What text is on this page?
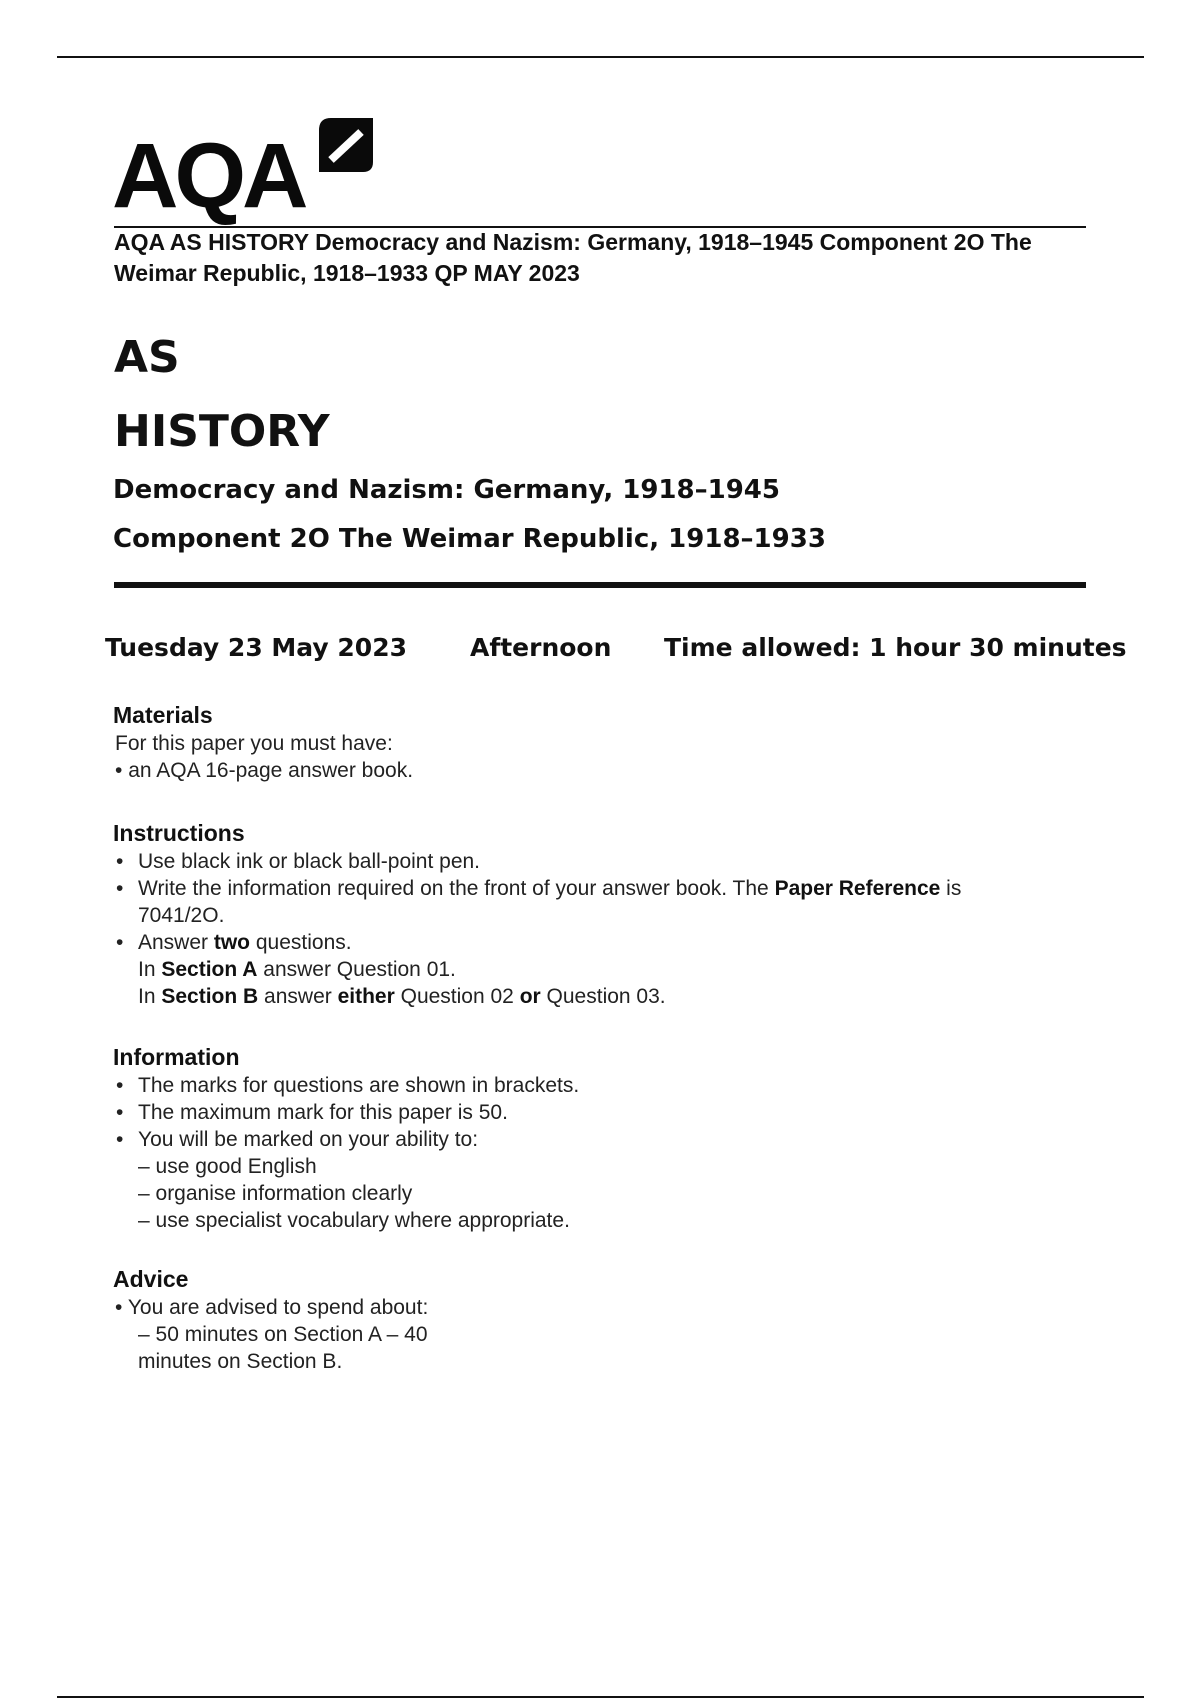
AQA
AQA AS HISTORY Democracy and Nazism: Germany, 1918–1945 Component 2O The Weimar Republic, 1918–1933 QP MAY 2023
AS
HISTORY
Democracy and Nazism: Germany, 1918–1945
Component 2O The Weimar Republic, 1918–1933
Tuesday 23 May 2023	Afternoon Time allowed: 1 hour 30 minutes
Materials
For this paper you must have:
• an AQA 16-page answer book.
Instructions
• Use black ink or black ball-point pen.
• Write the information required on the front of your answer book. The Paper Reference is
7041/2O.
• Answer two questions.
In Section A answer Question 01.
In Section B answer either Question 02 or Question 03.
Information
• The marks for questions are shown in brackets.
• The maximum mark for this paper is 50.
• You will be marked on your ability to:
– use good English
– organise information clearly
– use specialist vocabulary where appropriate.
Advice
• You are advised to spend about:
– 50 minutes on Section A – 40
minutes on Section B.
